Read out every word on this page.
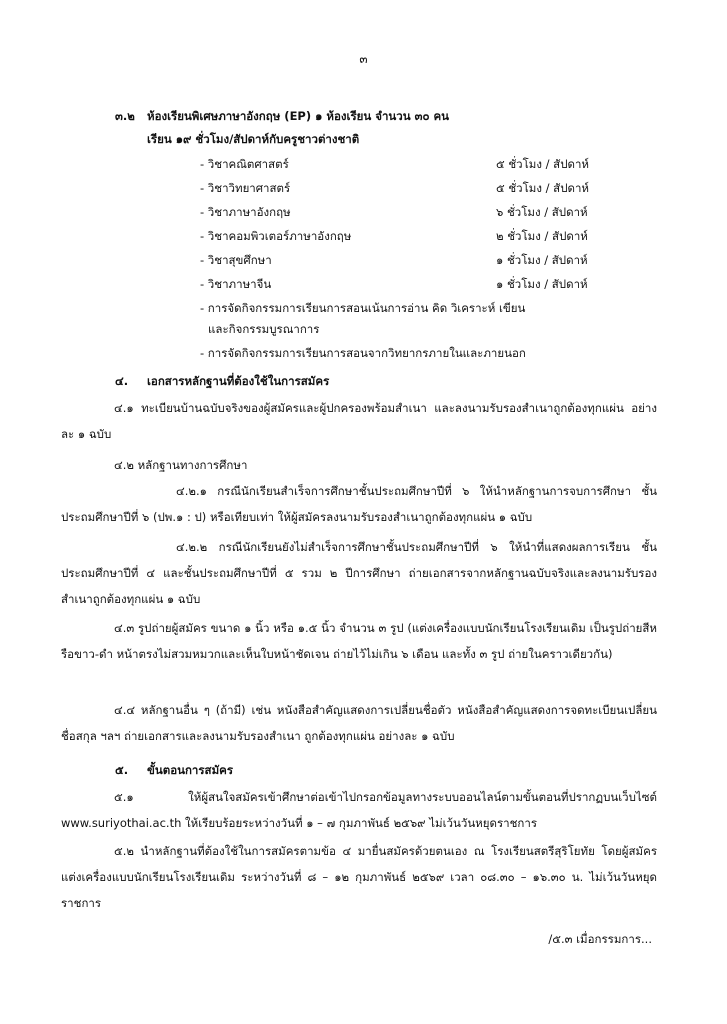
๓
๓.๒ ห้องเรียนพิเศษภาษาอังกฤษ (EP) ๑ ห้องเรียน จำนวน ๓๐ คน
เรียน ๑๙ ชั่วโมง/สัปดาห์กับครูชาวต่างชาติ
- วิชาคณิตศาสตร์	๕ ชั่วโมง / สัปดาห์
- วิชาวิทยาศาสตร์	๕ ชั่วโมง / สัปดาห์
- วิชาภาษาอังกฤษ	๖ ชั่วโมง / สัปดาห์
- วิชาคอมพิวเตอร์ภาษาอังกฤษ	๒ ชั่วโมง / สัปดาห์
- วิชาสุขศึกษา	๑ ชั่วโมง / สัปดาห์
- วิชาภาษาจีน	๑ ชั่วโมง / สัปดาห์
- การจัดกิจกรรมการเรียนการสอนเน้นการอ่าน คิด วิเคราะห์ เขียน
และกิจกรรมบูรณาการ
- การจัดกิจกรรมการเรียนการสอนจากวิทยากรภายในและภายนอก
๔. เอกสารหลักฐานที่ต้องใช้ในการสมัคร
๔.๑ ทะเบียนบ้านฉบับจริงของผู้สมัครและผู้ปกครองพร้อมสำเนา และลงนามรับรองสำเนาถูกต้องทุกแผ่น อย่างละ ๑ ฉบับ
๔.๒ หลักฐานทางการศึกษา
๔.๒.๑ กรณีนักเรียนสำเร็จการศึกษาชั้นประถมศึกษาปีที่ ๖ ให้นำหลักฐานการจบการศึกษา ชั้นประถมศึกษาปีที่ ๖ (ปพ.๑ : ป) หรือเทียบเท่า ให้ผู้สมัครลงนามรับรองสำเนาถูกต้องทุกแผ่น ๑ ฉบับ
๔.๒.๒ กรณีนักเรียนยังไม่สำเร็จการศึกษาชั้นประถมศึกษาปีที่ ๖ ให้นำที่แสดงผลการเรียน ชั้นประถมศึกษาปีที่ ๔ และชั้นประถมศึกษาปีที่ ๕ รวม ๒ ปีการศึกษา ถ่ายเอกสารจากหลักฐานฉบับจริงและลงนามรับรองสำเนาถูกต้องทุกแผ่น ๑ ฉบับ
๔.๓ รูปถ่ายผู้สมัคร ขนาด ๑ นิ้ว หรือ ๑.๕ นิ้ว จำนวน ๓ รูป (แต่งเครื่องแบบนักเรียนโรงเรียนเดิม เป็นรูปถ่ายสีหรือขาว-ดำ หน้าตรงไม่สวมหมวกและเห็นใบหน้าชัดเจน ถ่ายไว้ไม่เกิน ๖ เดือน และทั้ง ๓ รูป ถ่ายในคราวเดียวกัน)
๔.๔ หลักฐานอื่น ๆ (ถ้ามี) เช่น หนังสือสำคัญแสดงการเปลี่ยนชื่อตัว หนังสือสำคัญแสดงการจดทะเบียนเปลี่ยนชื่อสกุล ฯลฯ ถ่ายเอกสารและลงนามรับรองสำเนา ถูกต้องทุกแผ่น อย่างละ ๑ ฉบับ
๕. ขั้นตอนการสมัคร
๕.๑ ให้ผู้สนใจสมัครเข้าศึกษาต่อเข้าไปกรอกข้อมูลทางระบบออนไลน์ตามขั้นตอนที่ปรากฏบนเว็บไซต์ www.suriyothai.ac.th ให้เรียบร้อยระหว่างวันที่ ๑ – ๗ กุมภาพันธ์ ๒๕๖๙ ไม่เว้นวันหยุดราชการ
๕.๒ นำหลักฐานที่ต้องใช้ในการสมัครตามข้อ ๔ มายื่นสมัครด้วยตนเอง ณ โรงเรียนสตรีสุริโยทัย โดยผู้สมัครแต่งเครื่องแบบนักเรียนโรงเรียนเดิม ระหว่างวันที่ ๘ – ๑๒ กุมภาพันธ์ ๒๕๖๙ เวลา ๐๘.๓๐ – ๑๖.๓๐ น. ไม่เว้นวันหยุดราชการ
/๕.๓ เมื่อกรรมการ...
